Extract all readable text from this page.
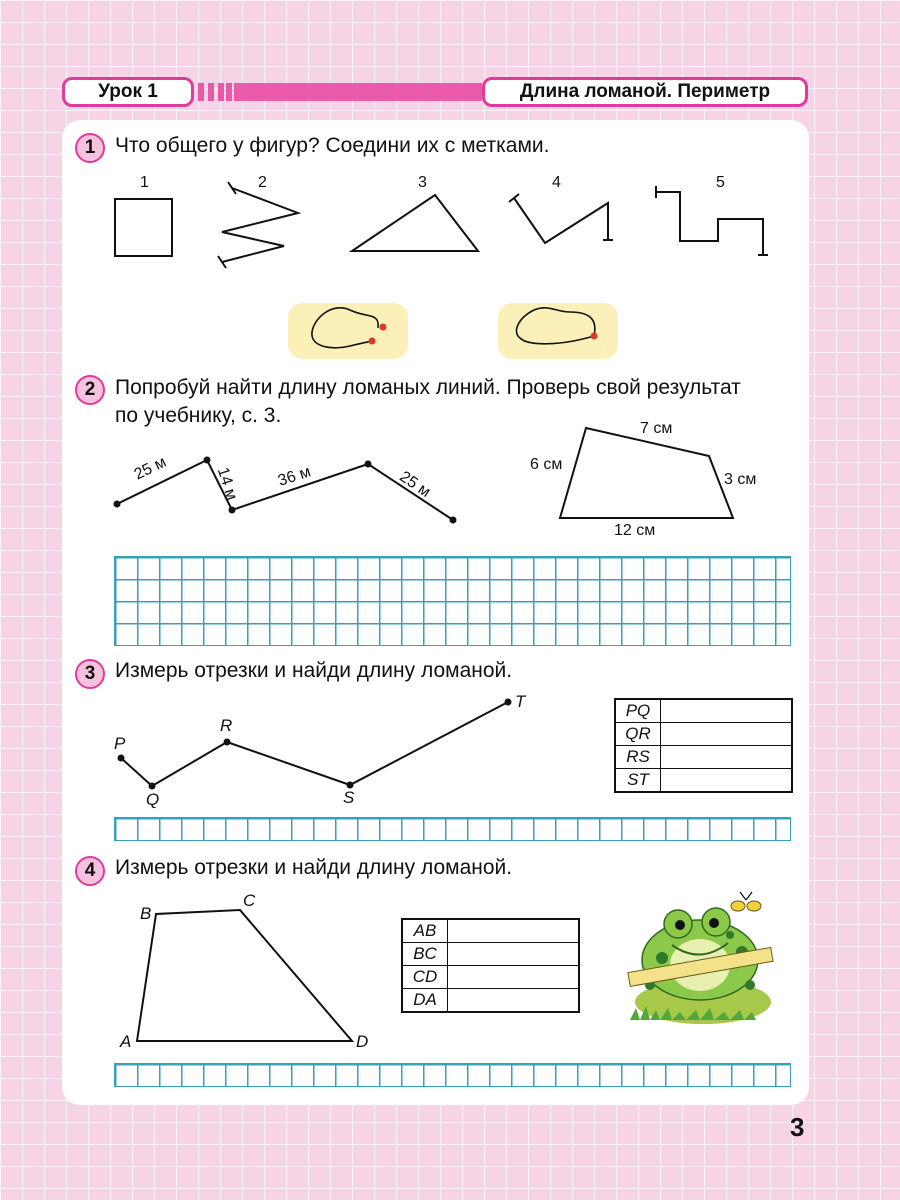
Урок 1	Длина ломаной. Периметр
1 Что общего у фигур? Соедини их с метками.
1	2	3	4	5
2 Попробуй найти длину ломаных линий. Проверь свой результат
по учебнику, с. 3.
25 м	14 м 36 м	25 м
7 см
6 см
3 см
12 см
3 Измерь отрезки и найди длину ломаной.
P
Q
R
S
T	PQ	
QR	
RS	
ST	
4 Измерь отрезки и найди длину ломаной.
A
B
C
D
AB	
BC	
CD	
DA	
3
